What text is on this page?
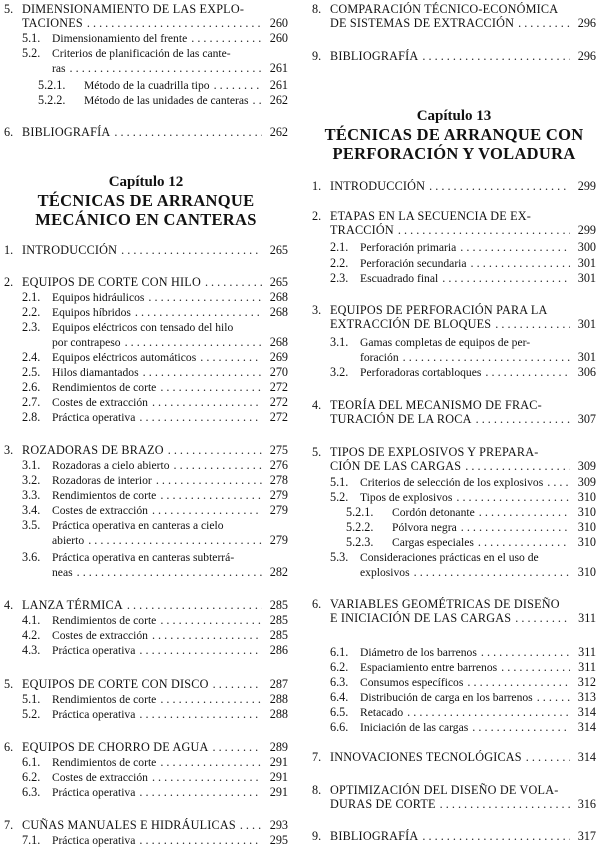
5. DIMENSIONAMIENTO DE LAS EXPLO-
TACIONES . . .	260
5.1.	Dimensionamiento del frente . . .	260
5.2.	Criterios de planificación de las cante-
ras . . .	261
5.2.1.	Método de la cuadrilla tipo . . .	261
5.2.2.	Método de las unidades de canteras . . .	262
6. BIBLIOGRAFÍA . . .	262
Capítulo 12
TÉCNICAS DE ARRANQUE
MECÁNICO EN CANTERAS
1. INTRODUCCIÓN . . .	265
2. EQUIPOS DE CORTE CON HILO . . .	265
2.1.	Equipos hidráulicos . . .	268
2.2.	Equipos híbridos . . .	268
2.3.	Equipos eléctricos con tensado del hilo
por contrapeso . . .	268
2.4.	Equipos eléctricos automáticos . . .	269
2.5.	Hilos diamantados . . .	270
2.6.	Rendimientos de corte . . .	272
2.7.	Costes de extracción . . .	272
2.8.	Práctica operativa . . .	272
3. ROZADORAS DE BRAZO . . .	275
3.1.	Rozadoras a cielo abierto . . .	276
3.2.	Rozadoras de interior . . .	278
3.3.	Rendimientos de corte . . .	279
3.4.	Costes de extracción . . .	279
3.5.	Práctica operativa en canteras a cielo
abierto . . .	279
3.6.	Práctica operativa en canteras subterrá-
neas . . .	282
4. LANZA TÉRMICA . . .	285
4.1.	Rendimientos de corte . . .	285
4.2.	Costes de extracción . . .	285
4.3.	Práctica operativa . . .	286
5. EQUIPOS DE CORTE CON DISCO . . .	287
5.1.	Rendimientos de corte . . .	288
5.2.	Práctica operativa . . .	288
6. EQUIPOS DE CHORRO DE AGUA . . .	289
6.1.	Rendimientos de corte . . .	291
6.2.	Costes de extracción . . .	291
6.3.	Práctica operativa . . .	291
7. CUÑAS MANUALES E HIDRÁULICAS . . .	293
7.1.	Práctica operativa . . .	295
8. COMPARACIÓN TÉCNICO-ECONÓMICA
DE SISTEMAS DE EXTRACCIÓN . . .	296
9. BIBLIOGRAFÍA . . .	296
Capítulo 13
TÉCNICAS DE ARRANQUE CON
PERFORACIÓN Y VOLADURA
1. INTRODUCCIÓN . . .	299
2. ETAPAS EN LA SECUENCIA DE EX-
TRACCIÓN . . .	299
2.1.	Perforación primaria . . .	300
2.2.	Perforación secundaria . . .	301
2.3.	Escuadrado final . . .	301
3. EQUIPOS DE PERFORACIÓN PARA LA
EXTRACCIÓN DE BLOQUES . . .	301
3.1.	Gamas completas de equipos de per-
foración . . .	301
3.2.	Perforadoras cortabloques . . .	306
4. TEORÍA DEL MECANISMO DE FRAC-
TURACIÓN DE LA ROCA . . .	307
5. TIPOS DE EXPLOSIVOS Y PREPARA-
CIÓN DE LAS CARGAS . . .	309
5.1.	Criterios de selección de los explosivos . . .	309
5.2.	Tipos de explosivos . . .	310
5.2.1.	Cordón detonante . . .	310
5.2.2.	Pólvora negra . . .	310
5.2.3.	Cargas especiales . . .	310
5.3.	Consideraciones prácticas en el uso de
explosivos . . .	310
6. VARIABLES GEOMÉTRICAS DE DISEÑO
E INICIACIÓN DE LAS CARGAS . . .	311
6.1.	Diámetro de los barrenos . . .	311
6.2.	Espaciamiento entre barrenos . . .	311
6.3.	Consumos específicos . . .	312
6.4.	Distribución de carga en los barrenos . . .	313
6.5.	Retacado . . .	314
6.6.	Iniciación de las cargas . . .	314
7. INNOVACIONES TECNOLÓGICAS . . .	314
8. OPTIMIZACIÓN DEL DISEÑO DE VOLA-
DURAS DE CORTE . . .	316
9. BIBLIOGRAFÍA . . .	317
